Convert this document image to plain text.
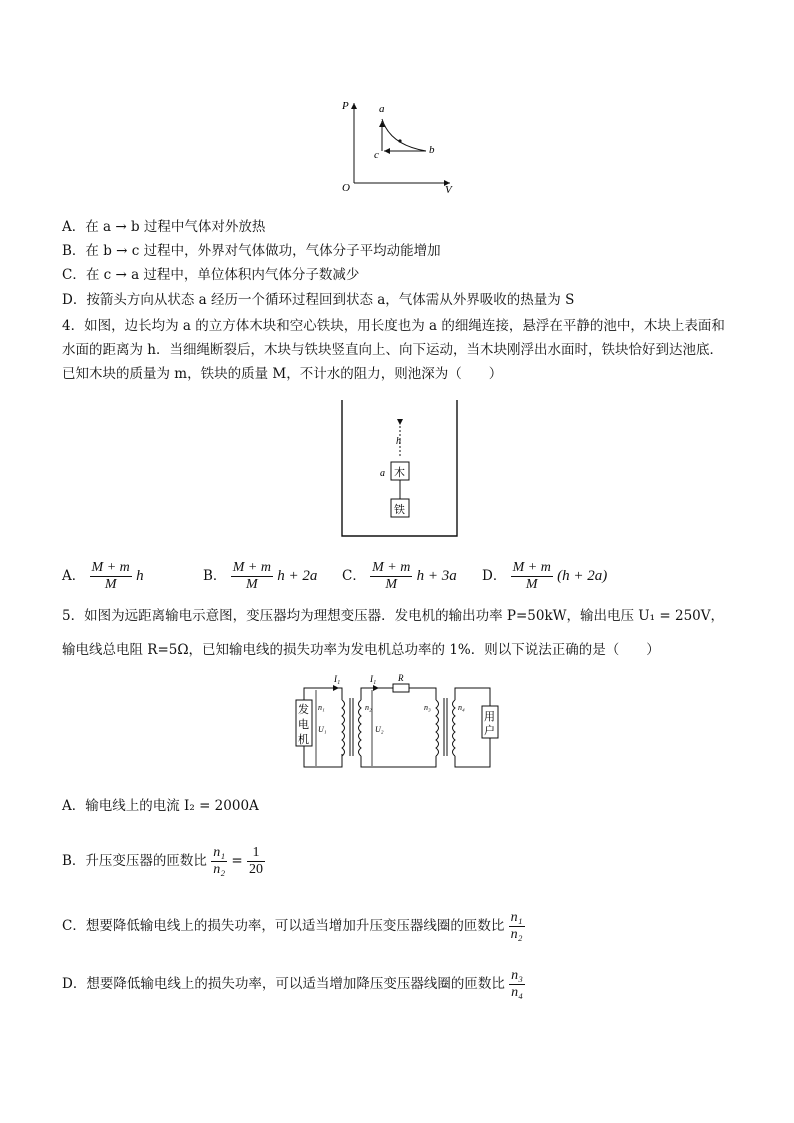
P
V
O
a
b
c
A．在 a → b 过程中气体对外放热
B．在 b → c 过程中，外界对气体做功，气体分子平均动能增加
C．在 c → a 过程中，单位体积内气体分子数减少
D．按箭头方向从状态 a 经历一个循环过程回到状态 a，气体需从外界吸收的热量为 S
4．如图，边长均为 a 的立方体木块和空心铁块，用长度也为 a 的细绳连接，悬浮在平静的池中，木块上表面和水面的距离为 h．当细绳断裂后，木块与铁块竖直向上、向下运动，当木块刚浮出水面时，铁块恰好到达池底．已知木块的质量为 m，铁块的质量 M，不计水的阻力，则池深为（　　）
h
木
a
铁
A． $\frac{M + m}{M}$ h	B． $\frac{M + m}{M}$ h + 2a C． $\frac{M + m}{M}$ h + 3a D． $\frac{M + m}{M} (h + 2a)$
5．如图为远距离输电示意图，变压器均为理想变压器．发电机的输出功率 P=50kW，输出电压 U₁ = 250V，
输电线总电阻 R=5Ω，已知输电线的损失功率为发电机总功率的 1%．则以下说法正确的是（　　）
发
电
机
I₁
n₁
U₁
n₂
U₂
R
I₁
n₃	n₄
用
户
A．输电线上的电流 I₂ = 2000A
B．升压变压器的匝数比 $\frac{\text{n₁}}{\text{n₂}} = \frac{1}{20}$
C．想要降低输电线上的损失功率，可以适当增加升压变压器线圈的匝数比 $\frac{\text{n₁}}{\text{n₂}}$
D．想要降低输电线上的损失功率，可以适当增加降压变压器线圈的匝数比 $\frac{\text{n₃}}{\text{n₄}}$
